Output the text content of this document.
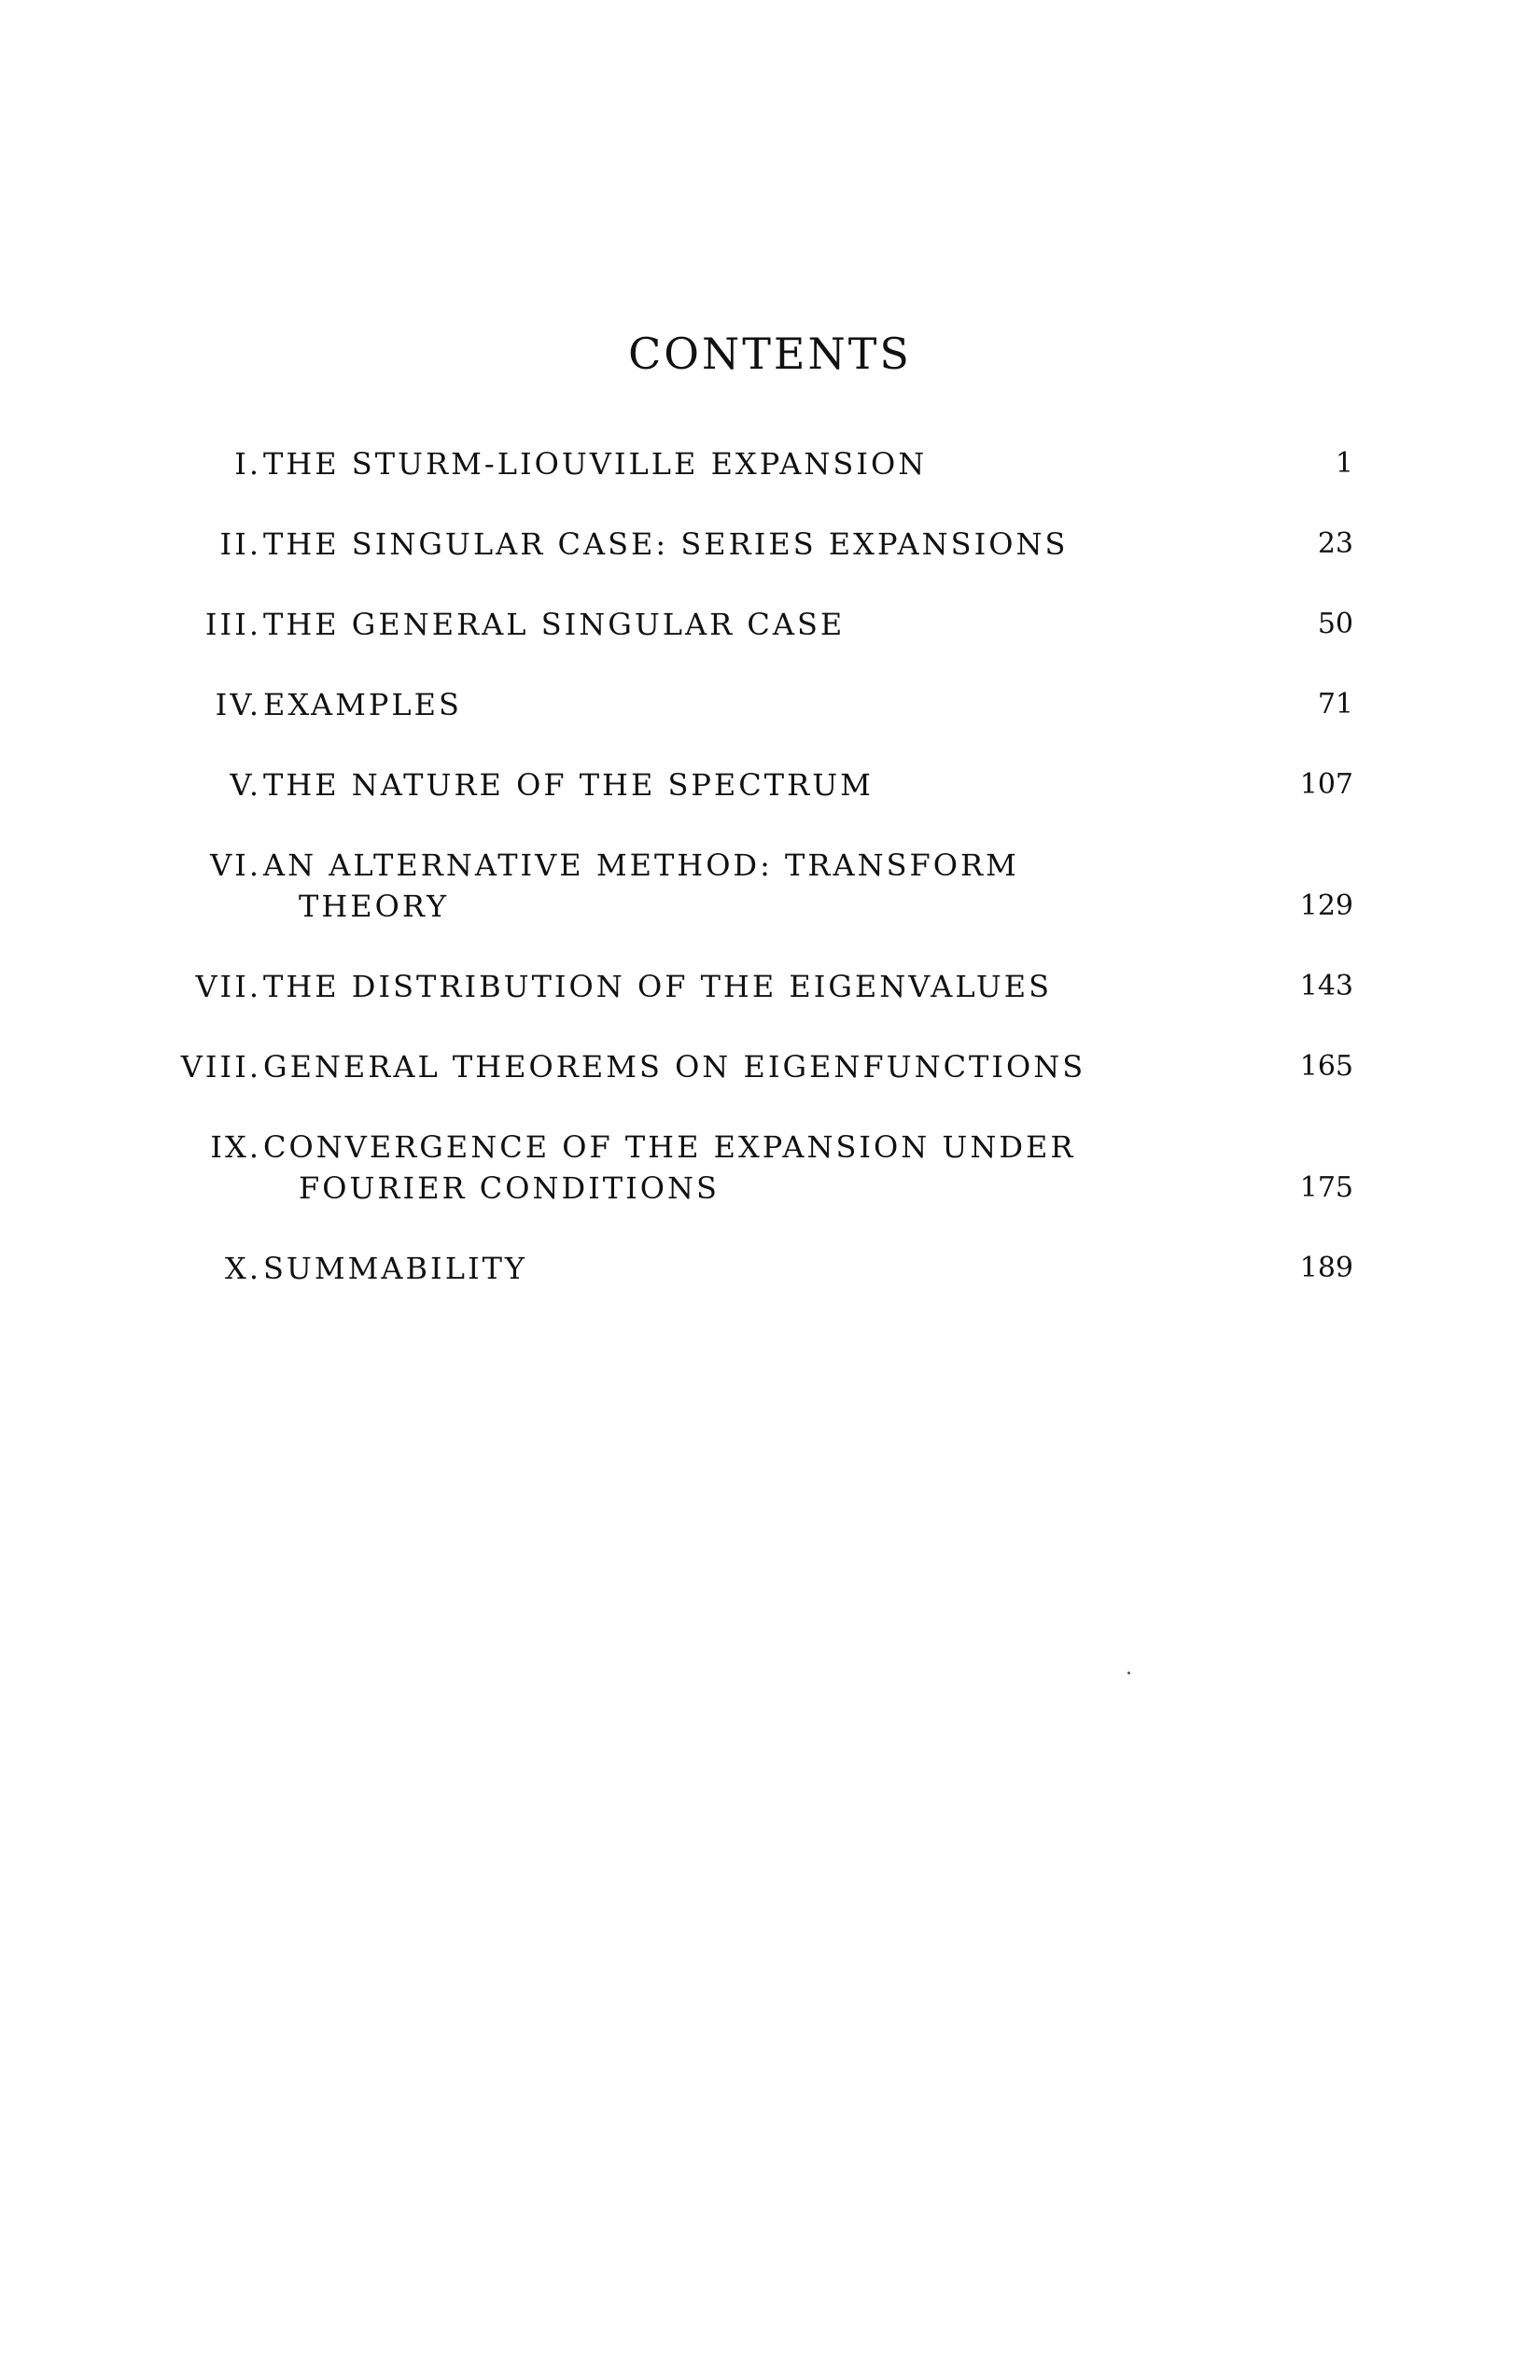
CONTENTS
I. THE STURM-LIOUVILLE EXPANSION	1
II. THE SINGULAR CASE: SERIES EXPANSIONS	23
III. THE GENERAL SINGULAR CASE	50
IV. EXAMPLES	71
V. THE NATURE OF THE SPECTRUM	107
VI. AN ALTERNATIVE METHOD: TRANSFORM
THEORY	129
VII. THE DISTRIBUTION OF THE EIGENVALUES	143
VIII. GENERAL THEOREMS ON EIGENFUNCTIONS	165
IX. CONVERGENCE OF THE EXPANSION UNDER
FOURIER CONDITIONS	175
X. SUMMABILITY	189
